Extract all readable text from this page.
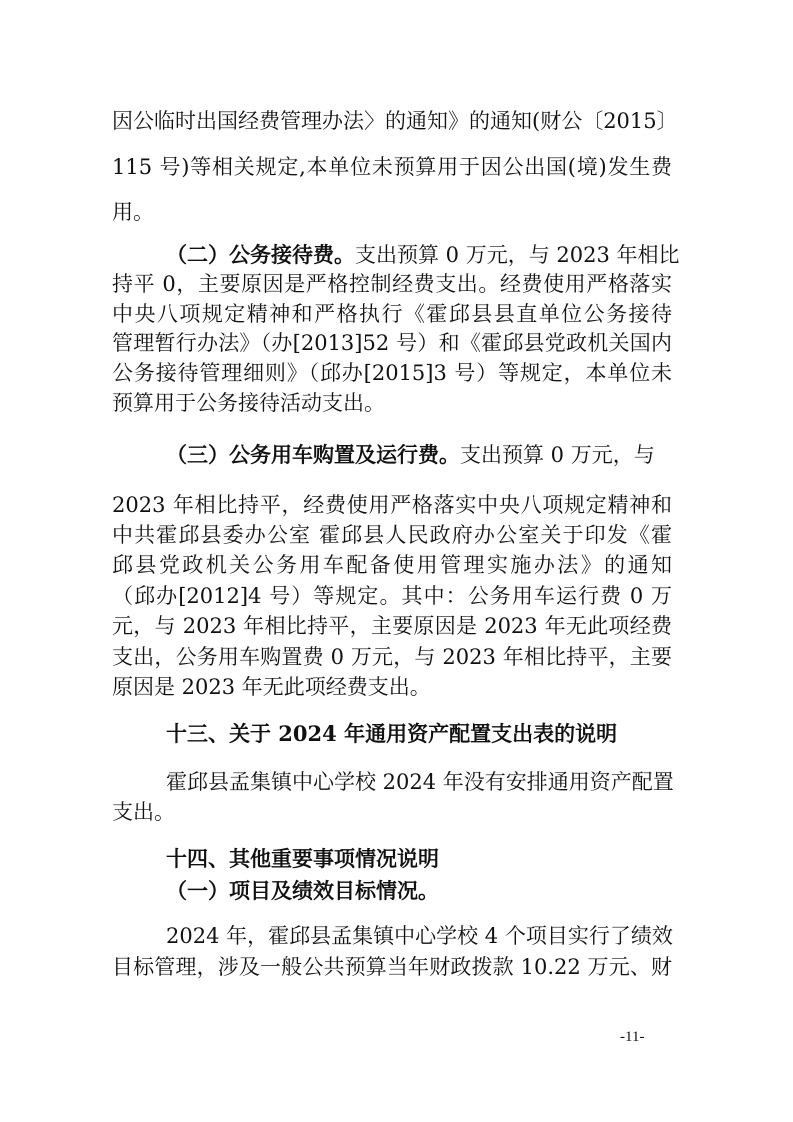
因公临时出国经费管理办法〉的通知》的通知(财公〔2015〕
115 号)等相关规定,本单位未预算用于因公出国(境)发生费
用。
（二）公务接待费。支出预算 0 万元，与 2023 年相比
持平 0，主要原因是严格控制经费支出。经费使用严格落实
中央八项规定精神和严格执行《霍邱县县直单位公务接待
管理暂行办法》（办[2013]52 号）和《霍邱县党政机关国内
公务接待管理细则》（邱办[2015]3 号）等规定，本单位未
预算用于公务接待活动支出。
（三）公务用车购置及运行费。支出预算 0 万元，与
2023 年相比持平，经费使用严格落实中央八项规定精神和
中共霍邱县委办公室 霍邱县人民政府办公室关于印发《霍
邱县党政机关公务用车配备使用管理实施办法》的通知
（邱办[2012]4 号）等规定。其中：公务用车运行费 0 万
元，与 2023 年相比持平，主要原因是 2023 年无此项经费
支出，公务用车购置费 0 万元，与 2023 年相比持平，主要
原因是 2023 年无此项经费支出。
十三、关于 2024 年通用资产配置支出表的说明
霍邱县孟集镇中心学校 2024 年没有安排通用资产配置
支出。
十四、其他重要事项情况说明
（一）项目及绩效目标情况。
2024 年，霍邱县孟集镇中心学校 4 个项目实行了绩效
目标管理，涉及一般公共预算当年财政拨款 10.22 万元、财
-11-
